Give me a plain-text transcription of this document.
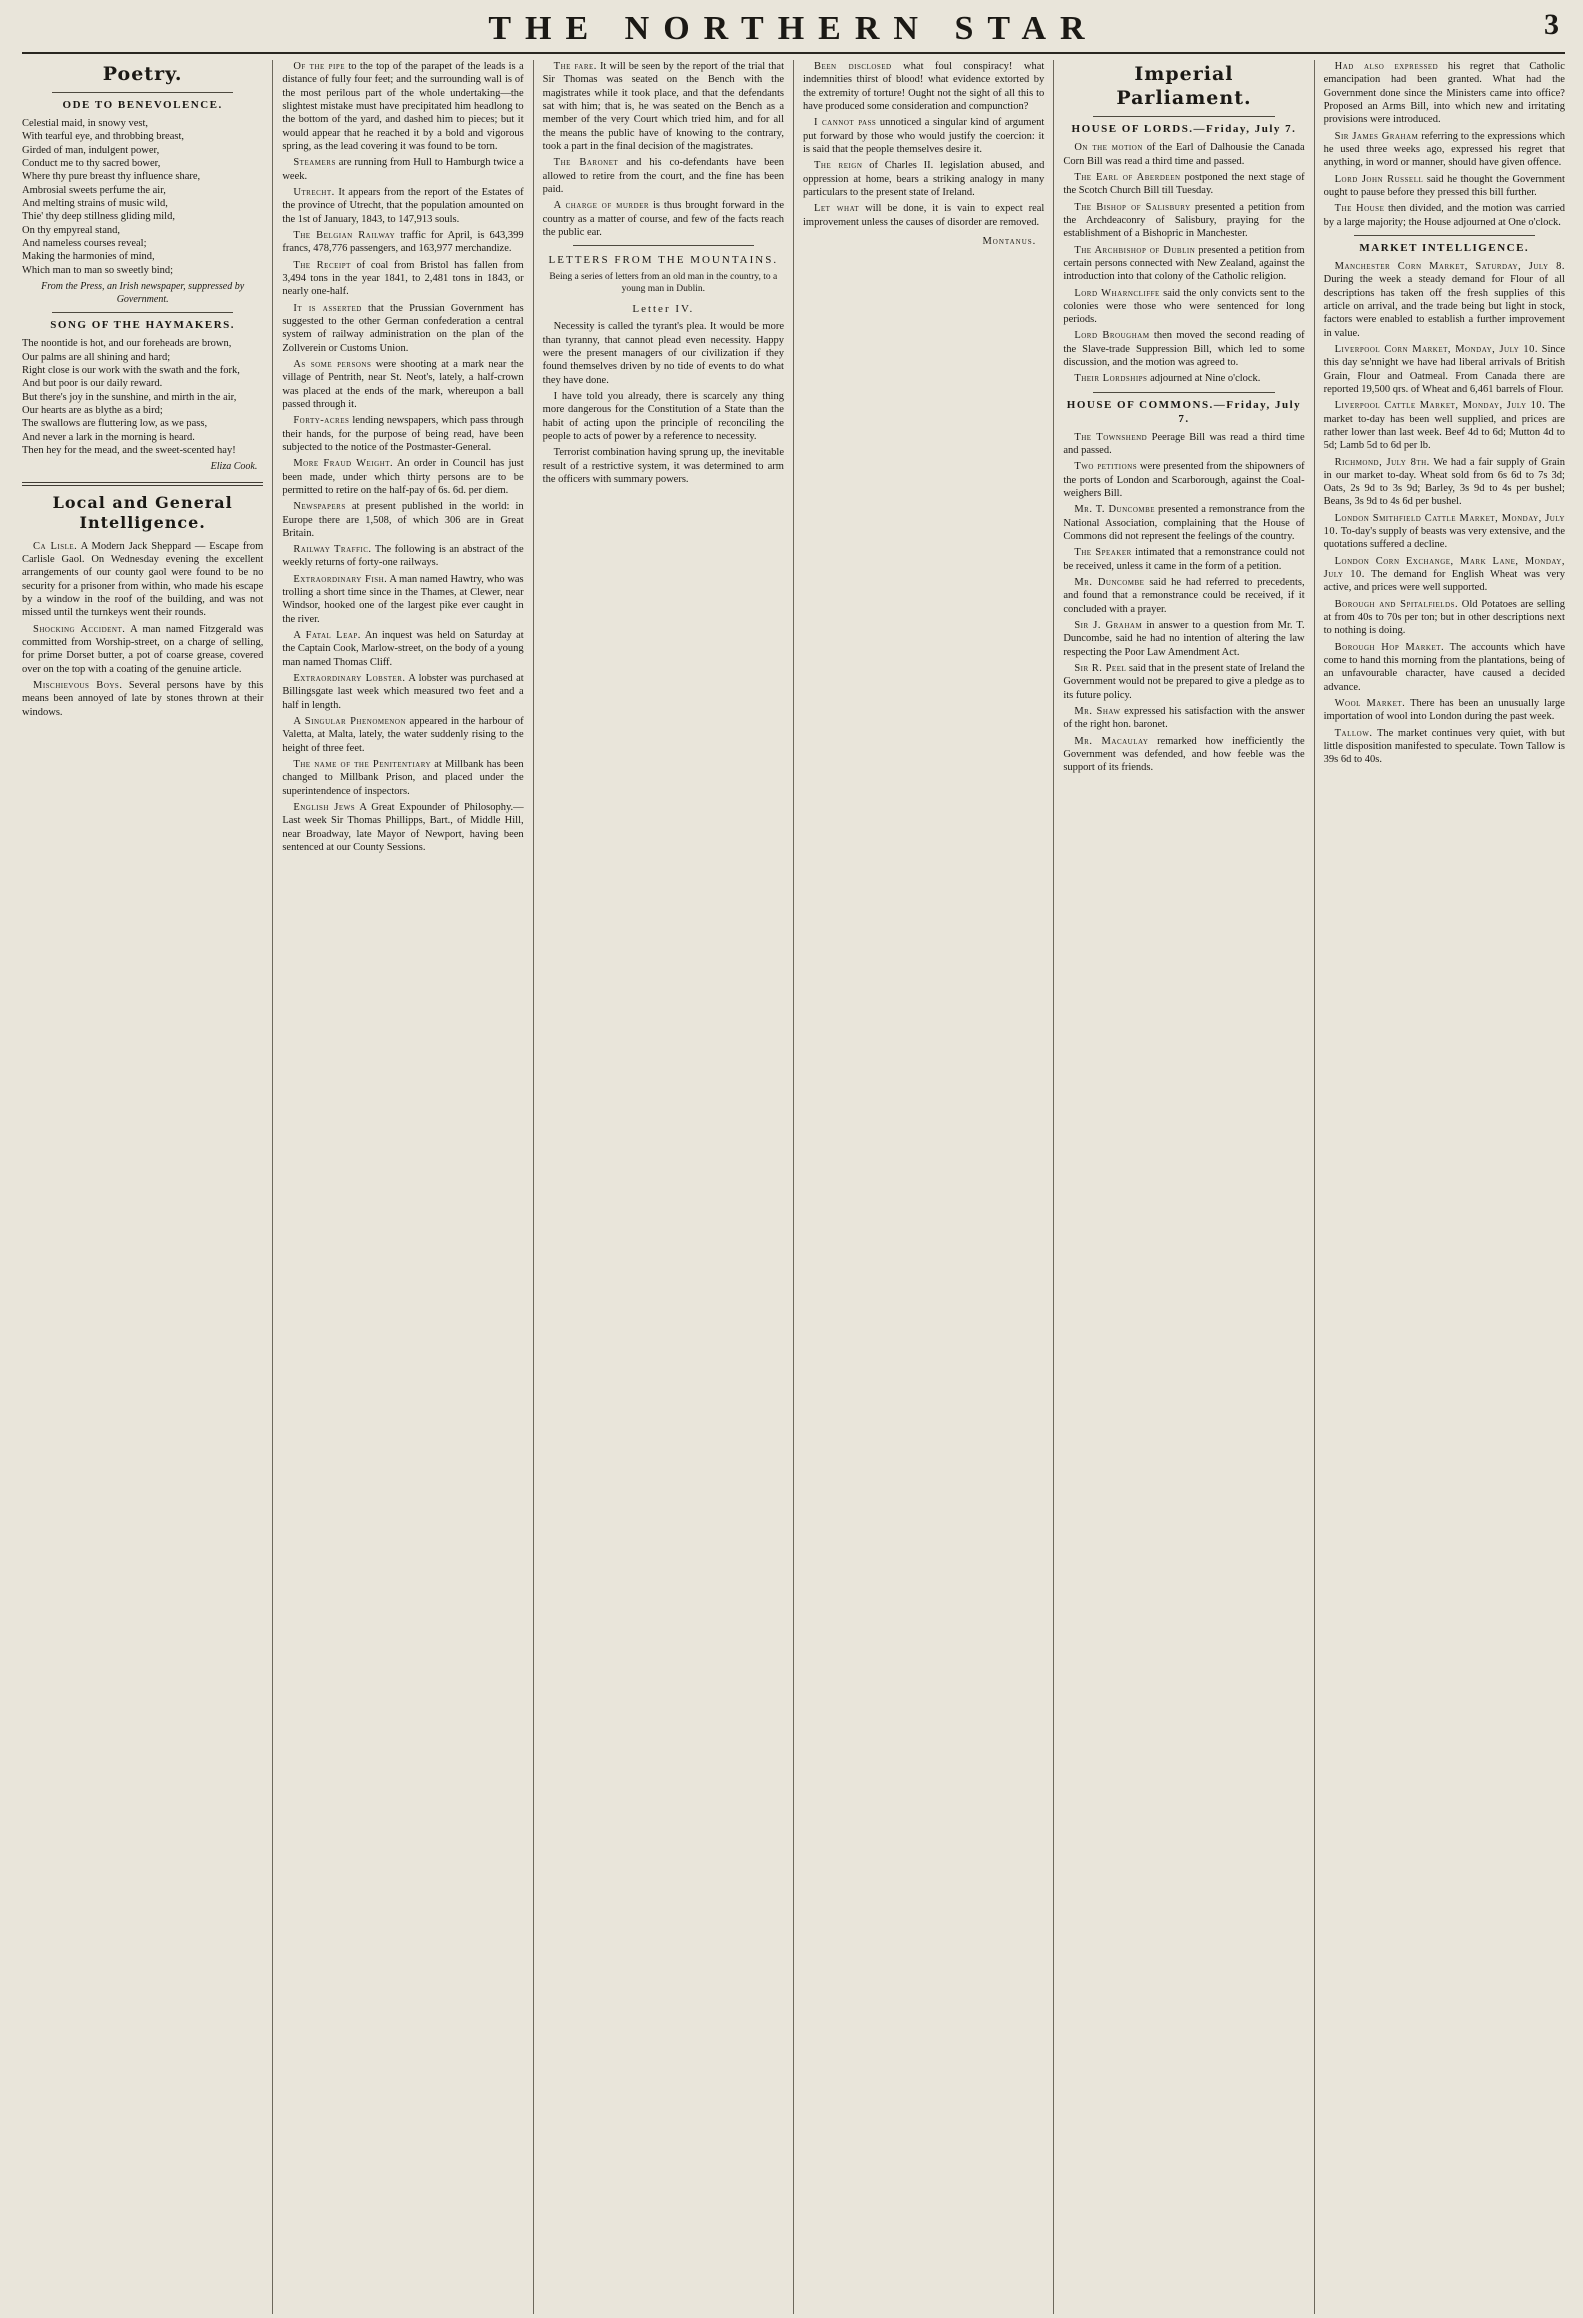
THE NORTHERN STAR	3
Poetry.
ODE TO BENEVOLENCE.

Celestial maid, in snowy vest,

With tearful eye, and throbbing breast,

Girded of man, indulgent power,

Conduct me to thy sacred bower,

Where thy pure breast thy influence share,

Ambrosial sweets perfume the air,

And melting strains of music wild,

Thie' thy deep stillness gliding mild,

On thy empyreal stand,

And nameless courses reveal;

Making the harmonies of mind,

Which man to man so sweetly bind;

From the Press, an Irish newspaper, suppressed by Government.
SONG OF THE HAYMAKERS.

The noontide is hot, and our foreheads are brown,

Our palms are all shining and hard;

Right close is our work with the swath and the fork,

And but poor is our daily reward.

But there's joy in the sunshine, and mirth in the air,

Our hearts are as blythe as a bird;

The swallows are fluttering low, as we pass,

And never a lark in the morning is heard.

Then hey for the mead, and the sweet-scented hay!

Eliza Cook.
Local and General Intelligence.

Ca Lisle. A Modern Jack Sheppard — Escape from Carlisle Gaol. On Wednesday evening the excellent arrangements of our county gaol were found to be no security for a prisoner from within, who made his escape by a window in the roof of the building, and was not missed until the turnkeys went their rounds.

Shocking Accident. A man named Fitzgerald was committed from Worship-street, on a charge of selling, for prime Dorset butter, a pot of coarse grease, covered over on the top with a coating of the genuine article.

Mischievous Boys. Several persons have by this means been annoyed of late by stones thrown at their windows.

Of the pipe to the top of the parapet of the leads is a distance of fully four feet; and the surrounding wall is of the most perilous part of the whole undertaking—the slightest mistake must have precipitated him headlong to the bottom of the yard, and dashed him to pieces; but it would appear that he reached it by a bold and vigorous spring, as the lead covering it was found to be torn.

Steamers are running from Hull to Hamburgh twice a week.

Utrecht. It appears from the report of the Estates of the province of Utrecht, that the population amounted on the 1st of January, 1843, to 147,913 souls.

The Belgian Railway traffic for April, is 643,399 francs, 478,776 passengers, and 163,977 merchandize.

The Receipt of coal from Bristol has fallen from 3,494 tons in the year 1841, to 2,481 tons in 1843, or nearly one-half.

It is asserted that the Prussian Government has suggested to the other German confederation a central system of railway administration on the plan of the Zollverein or Customs Union.

As some persons were shooting at a mark near the village of Pentrith, near St. Neot's, lately, a half-crown was placed at the ends of the mark, whereupon a ball passed through it.

Forty-acres lending newspapers, which pass through their hands, for the purpose of being read, have been subjected to the notice of the Postmaster-General.

More Fraud Weight. An order in Council has just been made, under which thirty persons are to be permitted to retire on the half-pay of 6s. 6d. per diem.

Newspapers at present published in the world: in Europe there are 1,508, of which 306 are in Great Britain.

Railway Traffic. The following is an abstract of the weekly returns of forty-one railways.

Extraordinary Fish. A man named Hawtry, who was trolling a short time since in the Thames, at Clewer, near Windsor, hooked one of the largest pike ever caught in the river.

A Fatal Leap. An inquest was held on Saturday at the Captain Cook, Marlow-street, on the body of a young man named Thomas Cliff.

Extraordinary Lobster. A lobster was purchased at Billingsgate last week which measured two feet and a half in length.

A Singular Phenomenon appeared in the harbour of Valetta, at Malta, lately, the water suddenly rising to the height of three feet.

The name of the Penitentiary at Millbank has been changed to Millbank Prison, and placed under the superintendence of inspectors.

English Jews A Great Expounder of Philosophy.—Last week Sir Thomas Phillipps, Bart., of Middle Hill, near Broadway, late Mayor of Newport, having been sentenced at our County Sessions.

The fare. It will be seen by the report of the trial that Sir Thomas was seated on the Bench with the magistrates while it took place, and that the defendants sat with him; that is, he was seated on the Bench as a member of the very Court which tried him, and for all the means the public have of knowing to the contrary, took a part in the final decision of the magistrates.

The Baronet and his co-defendants have been allowed to retire from the court, and the fine has been paid.

A charge of murder is thus brought forward in the country as a matter of course, and few of the facts reach the public ear.

LETTERS FROM THE MOUNTAINS.
Being a series of letters from an old man in the country, to a young man in Dublin.
Letter IV.

Necessity is called the tyrant's plea. It would be more than tyranny, that cannot plead even necessity. Happy were the present managers of our civilization if they found themselves driven by no tide of events to do what they have done.

I have told you already, there is scarcely any thing more dangerous for the Constitution of a State than the habit of acting upon the principle of reconciling the people to acts of power by a reference to necessity.

Terrorist combination having sprung up, the inevitable result of a restrictive system, it was determined to arm the officers with summary powers.

Been disclosed what foul conspiracy! what indemnities thirst of blood! what evidence extorted by the extremity of torture! Ought not the sight of all this to have produced some consideration and compunction?

I cannot pass unnoticed a singular kind of argument put forward by those who would justify the coercion: it is said that the people themselves desire it.

The reign of Charles II. legislation abused, and oppression at home, bears a striking analogy in many particulars to the present state of Ireland.

Let what will be done, it is vain to expect real improvement unless the causes of disorder are removed.

Montanus.
Imperial Parliament.
HOUSE OF LORDS.—Friday, July 7.

On the motion of the Earl of Dalhousie the Canada Corn Bill was read a third time and passed.

The Earl of Aberdeen postponed the next stage of the Scotch Church Bill till Tuesday.

The Bishop of Salisbury presented a petition from the Archdeaconry of Salisbury, praying for the establishment of a Bishopric in Manchester.

The Archbishop of Dublin presented a petition from certain persons connected with New Zealand, against the introduction into that colony of the Catholic religion.

Lord Wharncliffe said the only convicts sent to the colonies were those who were sentenced for long periods.

Lord Brougham then moved the second reading of the Slave-trade Suppression Bill, which led to some discussion, and the motion was agreed to.

Their Lordships adjourned at Nine o'clock.

HOUSE OF COMMONS.—Friday, July 7.

The Townshend Peerage Bill was read a third time and passed.

Two petitions were presented from the shipowners of the ports of London and Scarborough, against the Coal-weighers Bill.

Mr. T. Duncombe presented a remonstrance from the National Association, complaining that the House of Commons did not represent the feelings of the country.

The Speaker intimated that a remonstrance could not be received, unless it came in the form of a petition.

Mr. Duncombe said he had referred to precedents, and found that a remonstrance could be received, if it concluded with a prayer.

Sir J. Graham in answer to a question from Mr. T. Duncombe, said he had no intention of altering the law respecting the Poor Law Amendment Act.

Sir R. Peel said that in the present state of Ireland the Government would not be prepared to give a pledge as to its future policy.

Mr. Shaw expressed his satisfaction with the answer of the right hon. baronet.

Mr. Macaulay remarked how inefficiently the Government was defended, and how feeble was the support of its friends.

Had also expressed his regret that Catholic emancipation had been granted. What had the Government done since the Ministers came into office? Proposed an Arms Bill, into which new and irritating provisions were introduced.

Sir James Graham referring to the expressions which he used three weeks ago, expressed his regret that anything, in word or manner, should have given offence.

Lord John Russell said he thought the Government ought to pause before they pressed this bill further.

The House then divided, and the motion was carried by a large majority; the House adjourned at One o'clock.

MARKET INTELLIGENCE.

Manchester Corn Market, Saturday, July 8. During the week a steady demand for Flour of all descriptions has taken off the fresh supplies of this article on arrival, and the trade being but light in stock, factors were enabled to establish a further improvement in value.

Liverpool Corn Market, Monday, July 10. Since this day se'nnight we have had liberal arrivals of British Grain, Flour and Oatmeal. From Canada there are reported 19,500 qrs. of Wheat and 6,461 barrels of Flour.

Liverpool Cattle Market, Monday, July 10. The market to-day has been well supplied, and prices are rather lower than last week. Beef 4d to 6d; Mutton 4d to 5d; Lamb 5d to 6d per lb.

Richmond, July 8th. We had a fair supply of Grain in our market to-day. Wheat sold from 6s 6d to 7s 3d; Oats, 2s 9d to 3s 9d; Barley, 3s 9d to 4s per bushel; Beans, 3s 9d to 4s 6d per bushel.

London Smithfield Cattle Market, Monday, July 10. To-day's supply of beasts was very extensive, and the quotations suffered a decline.

London Corn Exchange, Mark Lane, Monday, July 10. The demand for English Wheat was very active, and prices were well supported.

Borough and Spitalfields. Old Potatoes are selling at from 40s to 70s per ton; but in other descriptions next to nothing is doing.

Borough Hop Market. The accounts which have come to hand this morning from the plantations, being of an unfavourable character, have caused a decided advance.

Wool Market. There has been an unusually large importation of wool into London during the past week.

Tallow. The market continues very quiet, with but little disposition manifested to speculate. Town Tallow is 39s 6d to 40s.
